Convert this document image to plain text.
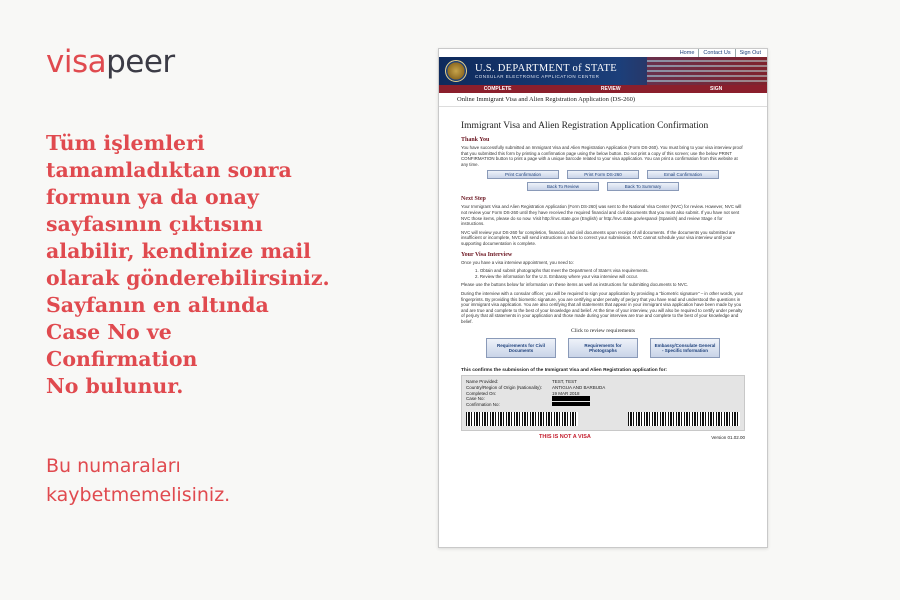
visapeer
Tüm işlemleri
tamamladıktan sonra
formun ya da onay
sayfasının çıktısını
alabilir, kendinize mail
olarak gönderebilirsiniz.
Sayfanın en altında
Case No ve
Confirmation
No bulunur.
Bu numaraları
kaybetmemelisiniz.
Home	Contact Us	Sign Out
U.S. DEPARTMENT of STATE
CONSULAR ELECTRONIC APPLICATION CENTER
COMPLETE	REVIEW	SIGN
Online Immigrant Visa and Alien Registration Application (DS-260)
Immigrant Visa and Alien Registration Application Confirmation
Thank You
You have successfully submitted an Immigrant Visa and Alien Registration Application (Form DS-260). You must bring to your visa interview proof that you submitted this form by printing a confirmation page using the below button. Do not print a copy of this screen; use the below PRINT CONFIRMATION button to print a page with a unique barcode related to your visa application. You can print a confirmation from this website at any time.
Print Confirmation	Print Form DS-260	Email Confirmation
Back To Review	Back To Summary
Next Step
Your Immigrant Visa and Alien Registration Application (Form DS-260) was sent to the National Visa Center (NVC) for review. However, NVC will not review your Form DS-260 until they have received the required financial and civil documents that you must also submit. If you have not sent NVC those items, please do so now. Visit http://nvc.state.gov (English) or http://nvc.state.gov/espanol (Spanish) and review Stage 4 for instructions.
NVC will review your DS-260 for completion, financial, and civil documents upon receipt of all documents. If the documents you submitted are insufficient or incomplete, NVC will send instructions on how to correct your submission. NVC cannot schedule your visa interview until your supporting documentation is complete.
Your Visa Interview
Once you have a visa interview appointment, you need to:
1. Obtain and submit photographs that meet the Department of State's visa requirements.
2. Review the information for the U.S. Embassy where your visa interview will occur.
Please use the buttons below for information on these items as well as instructions for submitting documents to NVC.
During the interview with a consular officer, you will be required to sign your application by providing a "biometric signature" – in other words, your fingerprints. By providing this biometric signature, you are certifying under penalty of perjury that you have read and understood the questions in your immigrant visa application. You are also certifying that all statements that appear in your immigrant visa application have been made by you and are true and complete to the best of your knowledge and belief. At the time of your interview, you will also be required to certify under penalty of perjury that all statements in your application and those made during your interview are true and complete to the best of your knowledge and belief.
Click to review requirements
Requirements for Civil Documents
Requirements for Photographs
Embassy/Consulate General - Specific Information
This confirms the submission of the Immigrant Visa and Alien Registration application for:
Name Provided:	TEST, TEST
Country/Region of Origin (Nationality):	ANTIGUA AND BARBUDA
Completed On:	19 MAR 2018
Case No:
Confirmation No:
THIS IS NOT A VISA	Version 01.02.00
